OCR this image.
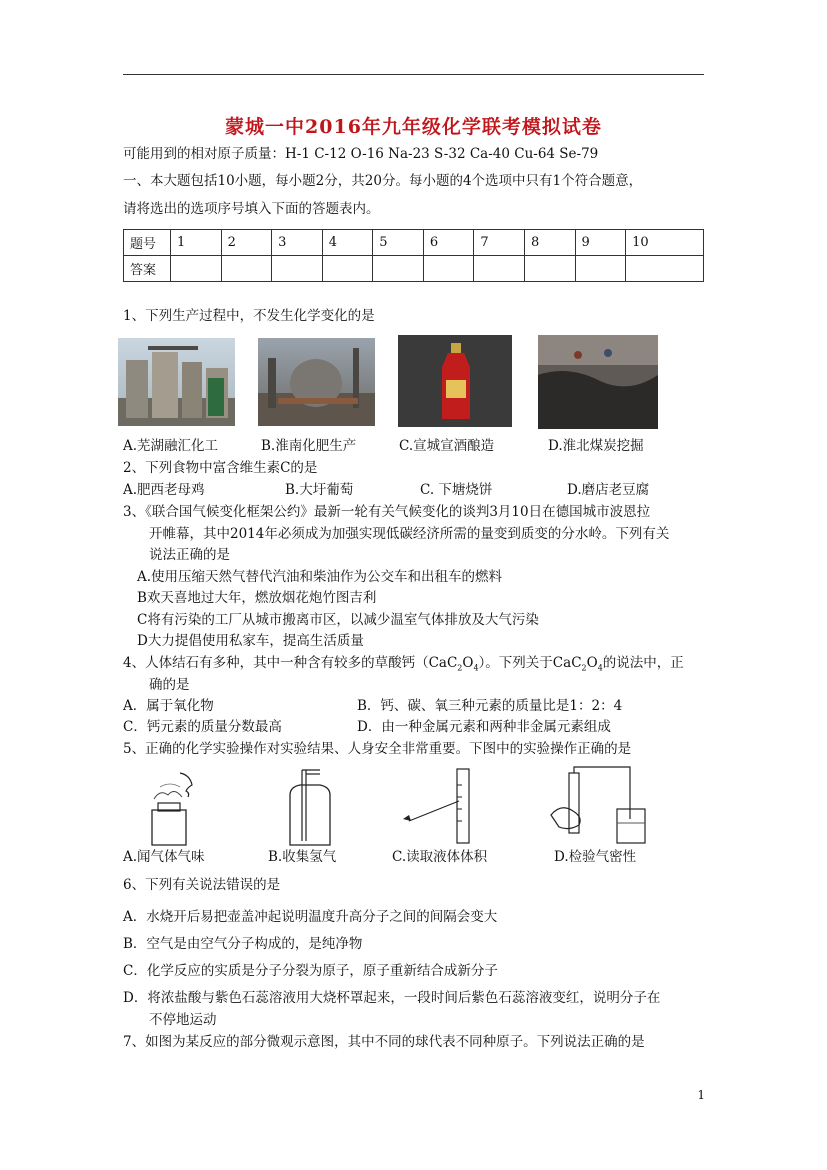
蒙城一中2016年九年级化学联考模拟试卷
可能用到的相对原子质量：H-1 C-12 O-16 Na-23 S-32 Ca-40 Cu-64 Se-79
一、本大题包括10小题，每小题2分，共20分。每小题的4个选项中只有1个符合题意，
请将选出的选项序号填入下面的答题表内。
题号	1	2	3	4	5	6	7	8	9	10
答案										
1、下列生产过程中，不发生化学变化的是
A.芜湖融汇化工	B.淮南化肥生产	C.宣城宣酒酿造	D.淮北煤炭挖掘
2、下列食物中富含维生素C的是
A.肥西老母鸡	B.大圩葡萄	C. 下塘烧饼	D.磨店老豆腐
3、《联合国气候变化框架公约》最新一轮有关气候变化的谈判3月10日在德国城市波恩拉
开帷幕，其中2014年必须成为加强实现低碳经济所需的量变到质变的分水岭。下列有关
说法正确的是
A.使用压缩天然气替代汽油和柴油作为公交车和出租车的燃料
B欢天喜地过大年，燃放烟花炮竹图吉利
C将有污染的工厂从城市搬离市区，以减少温室气体排放及大气污染
D大力提倡使用私家车，提高生活质量
4、人体结石有多种，其中一种含有较多的草酸钙$(CaC_2O_4)$。下列关于$CaC_2O_4$的说法中，正
确的是
A．属于氧化物	B．钙、碳、氧三种元素的质量比是1：2：4
C．钙元素的质量分数最高	D．由一种金属元素和两种非金属元素组成
5、正确的化学实验操作对实验结果、人身安全非常重要。下图中的实验操作正确的是
A.闻气体气味	B.收集氢气	C.读取液体体积	D.检验气密性
6、下列有关说法错误的是
A．水烧开后易把壶盖冲起说明温度升高分子之间的间隔会变大
B．空气是由空气分子构成的，是纯净物
C．化学反应的实质是分子分裂为原子，原子重新结合成新分子
D．将浓盐酸与紫色石蕊溶液用大烧杯罩起来，一段时间后紫色石蕊溶液变红，说明分子在
不停地运动
7、如图为某反应的部分微观示意图，其中不同的球代表不同种原子。下列说法正确的是
1
